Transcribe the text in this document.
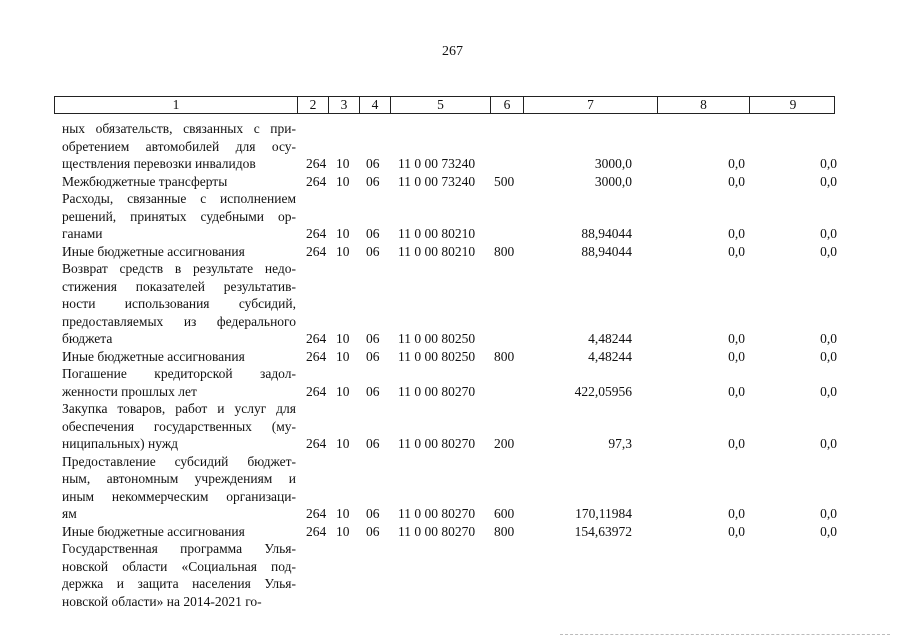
267
1	2	3	4	5	6	7	8	9
ных обязательств, связанных с при-
обретением автомобилей для осу-
ществления перевозки инвалидов	264 10 06 11 0 00 73240	3000,0	0,0	0,0
Межбюджетные трансферты	264 10 06 11 0 00 73240 500	3000,0	0,0	0,0
Расходы, связанные с исполнением
решений, принятых судебными ор-
ганами	264 10 06 11 0 00 80210	88,94044	0,0	0,0
Иные бюджетные ассигнования	264 10 06 11 0 00 80210 800	88,94044	0,0	0,0
Возврат средств в результате недо-
стижения показателей результатив-
ности использования субсидий,
предоставляемых из федерального
бюджета	264 10 06 11 0 00 80250	4,48244	0,0	0,0
Иные бюджетные ассигнования	264 10 06 11 0 00 80250 800	4,48244	0,0	0,0
Погашение кредиторской задол-
женности прошлых лет	264 10 06 11 0 00 80270	422,05956	0,0	0,0
Закупка товаров, работ и услуг для
обеспечения государственных (му-
ниципальных) нужд	264 10 06 11 0 00 80270 200	97,3	0,0	0,0
Предоставление субсидий бюджет-
ным, автономным учреждениям и
иным некоммерческим организаци-
ям	264 10 06 11 0 00 80270 600	170,11984	0,0	0,0
Иные бюджетные ассигнования	264 10 06 11 0 00 80270 800	154,63972	0,0	0,0
Государственная программа Улья-
новской области «Социальная под-
держка и защита населения Улья-
новской области» на 2014-2021 го-
